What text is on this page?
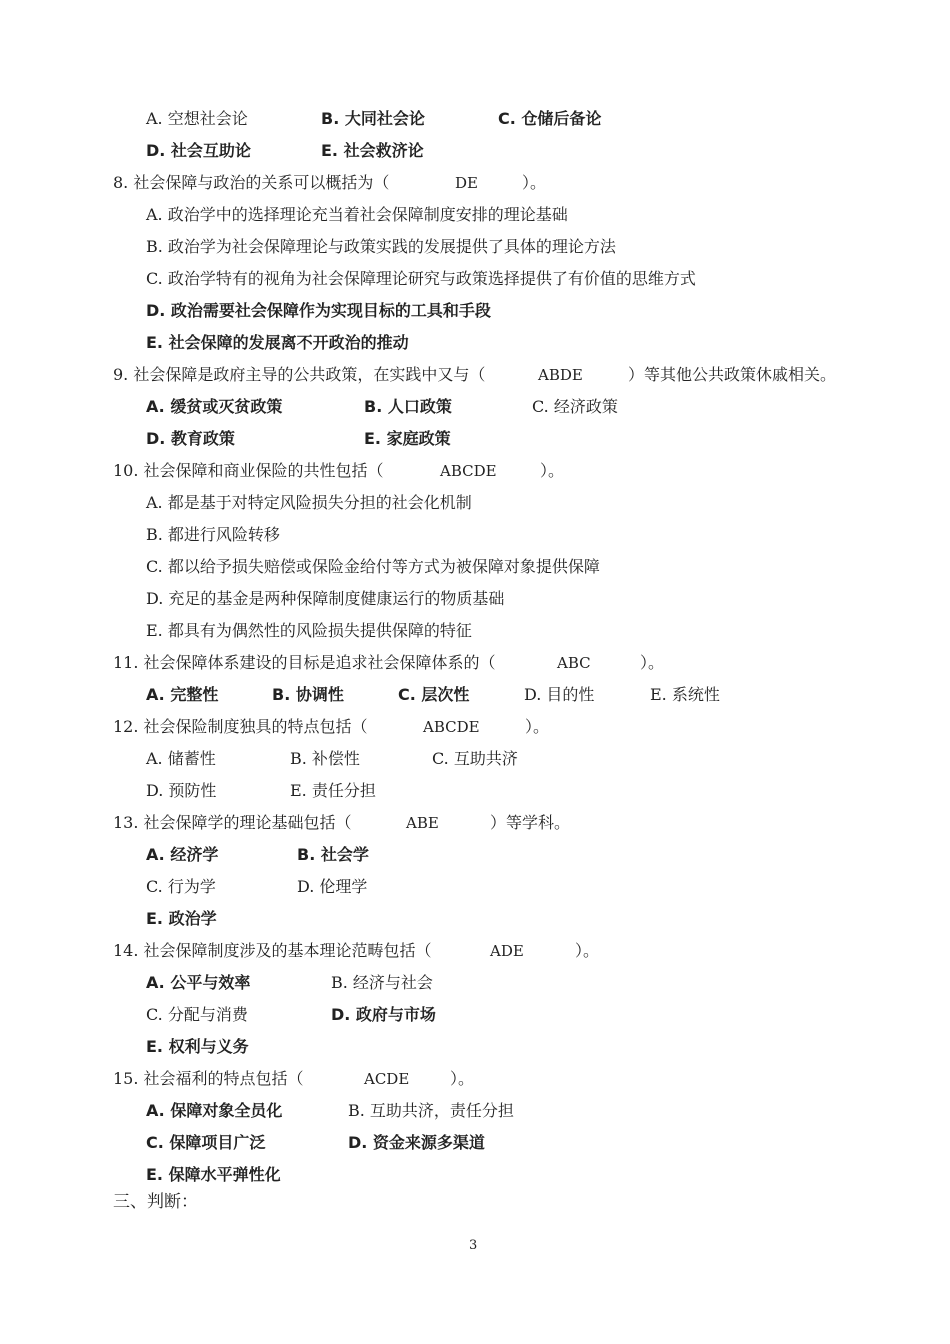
A. 空想社会论	B. 大同社会论	C. 仓储后备论
D. 社会互助论	E. 社会救济论
8. 社会保障与政治的关系可以概括为（	DE	）。
A. 政治学中的选择理论充当着社会保障制度安排的理论基础
B. 政治学为社会保障理论与政策实践的发展提供了具体的理论方法
C. 政治学特有的视角为社会保障理论研究与政策选择提供了有价值的思维方式
D. 政治需要社会保障作为实现目标的工具和手段
E. 社会保障的发展离不开政治的推动
9. 社会保障是政府主导的公共政策，在实践中又与（	ABDE	）等其他公共政策休戚相关。
A. 缓贫或灭贫政策	B. 人口政策	C. 经济政策
D. 教育政策	E. 家庭政策
10. 社会保障和商业保险的共性包括（	ABCDE	）。
A. 都是基于对特定风险损失分担的社会化机制
B. 都进行风险转移
C. 都以给予损失赔偿或保险金给付等方式为被保障对象提供保障
D. 充足的基金是两种保障制度健康运行的物质基础
E. 都具有为偶然性的风险损失提供保障的特征
11. 社会保障体系建设的目标是追求社会保障体系的（	ABC	）。
A. 完整性	B. 协调性	C. 层次性	D. 目的性	E. 系统性
12. 社会保险制度独具的特点包括（	ABCDE	）。
A. 储蓄性	B. 补偿性	C. 互助共济
D. 预防性	E. 责任分担
13. 社会保障学的理论基础包括（	ABE	）等学科。
A. 经济学	B. 社会学
C. 行为学	D. 伦理学
E. 政治学
14. 社会保障制度涉及的基本理论范畴包括（	ADE	）。
A. 公平与效率	B. 经济与社会
C. 分配与消费	D. 政府与市场
E. 权利与义务
15. 社会福利的特点包括（	ACDE	）。
A. 保障对象全员化	B. 互助共济，责任分担
C. 保障项目广泛	D. 资金来源多渠道
E. 保障水平弹性化
三、判断：
3
